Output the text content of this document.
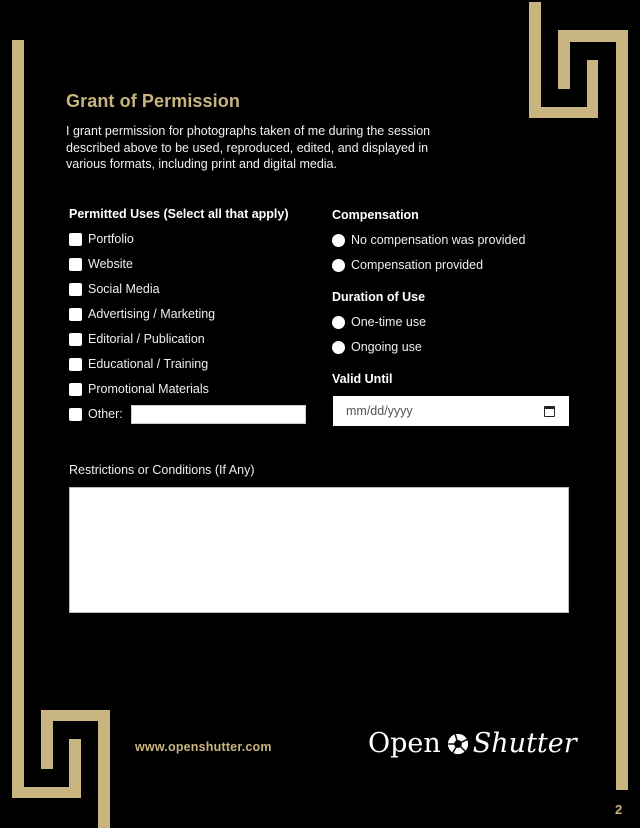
Grant of Permission
I grant permission for photographs taken of me during the session described above to be used, reproduced, edited, and displayed in various formats, including print and digital media.
Permitted Uses (Select all that apply)
Portfolio
Website
Social Media
Advertising / Marketing
Editorial / Publication
Educational / Training
Promotional Materials
Other:
Compensation
No compensation was provided
Compensation provided
Duration of Use
One-time use
Ongoing use
Valid Until
mm/dd/yyyy
Restrictions or Conditions (If Any)
www.openshutter.com	Open Shutter
2
